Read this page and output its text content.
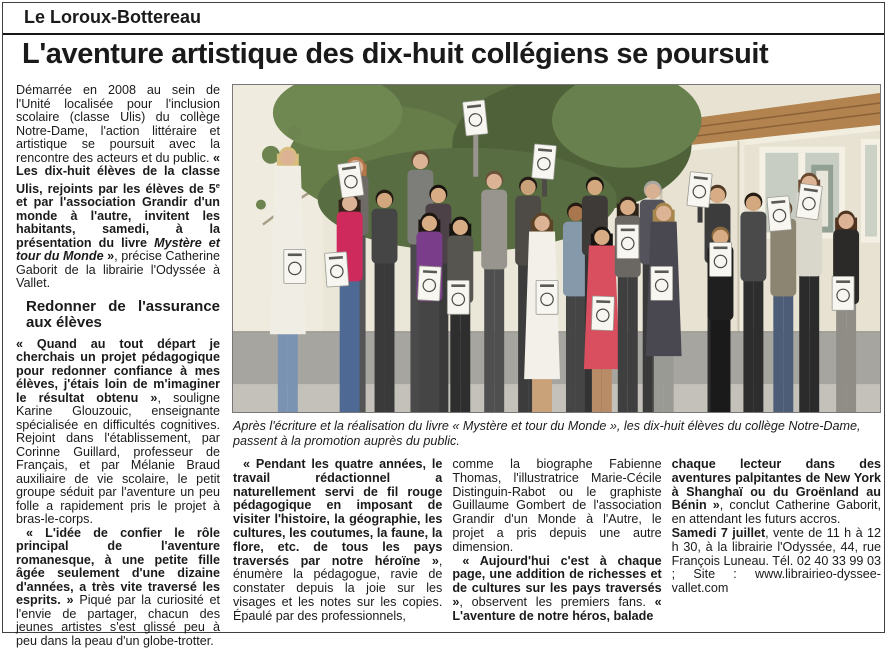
Le Loroux-Bottereau
L'aventure artistique des dix-huit collégiens se poursuit

Démarrée en 2008 au sein de l'Unité localisée pour l'inclusion scolaire (classe Ulis) du collège Notre-Dame, l'action littéraire et artistique se poursuit avec la rencontre des acteurs et du public. « Les dix-huit élèves de la classe Ulis, rejoints par les élèves de 5e et par l'association Grandir d'un monde à l'autre, invitent les habitants, samedi, à la présentation du livre Mystère et tour du Monde », précise Catherine Gaborit de la librairie l'Odyssée à Vallet.

Redonner de l'assurance aux élèves

« Quand au tout départ je cherchais un projet pédagogique pour redonner confiance à mes élèves, j'étais loin de m'imaginer le résultat obtenu », souligne Karine Glouzouic, enseignante spécialisée en difficultés cognitives. Rejoint dans l'établissement, par Corinne Guillard, professeur de Français, et par Mélanie Braud auxiliaire de vie scolaire, le petit groupe séduit par l'aventure un peu folle a rapidement pris le projet à bras-le-corps.

« L'idée de confier le rôle principal de l'aventure romanesque, à une petite fille âgée seulement d'une dizaine d'années, a très vite traversé les esprits. » Piqué par la curiosité et l'envie de partager, chacun des jeunes artistes s'est glissé peu à peu dans la peau d'un globe-trotter.

Après l'écriture et la réalisation du livre « Mystère et tour du Monde », les dix-huit élèves du collège Notre-Dame, passent à la promotion auprès du public.

« Pendant les quatre années, le travail rédactionnel a naturellement servi de fil rouge pédagogique en imposant de visiter l'histoire, la géographie, les cultures, les coutumes, la faune, la flore, etc. de tous les pays traversés par notre héroïne », énumère la pédagogue, ravie de constater depuis la joie sur les visages et les notes sur les copies. Épaulé par des professionnels,

comme la biographe Fabienne Thomas, l'illustratrice Marie-Cécile Distinguin-Rabot ou le graphiste Guillaume Gombert de l'association Grandir d'un Monde à l'Autre, le projet a pris depuis une autre dimension.

« Aujourd'hui c'est à chaque page, une addition de richesses et de cultures sur les pays traversés », observent les premiers fans. « L'aventure de notre héros, balade

chaque lecteur dans des aventures palpitantes de New York à Shanghaï ou du Groënland au Bénin », conclut Catherine Gaborit, en attendant les futurs accros.

Samedi 7 juillet, vente de 11 h à 12 h 30, à la librairie l'Odyssée, 44, rue François Luneau. Tél. 02 40 33 99 03 ; Site : www.librairieo-dyssee-vallet.com
